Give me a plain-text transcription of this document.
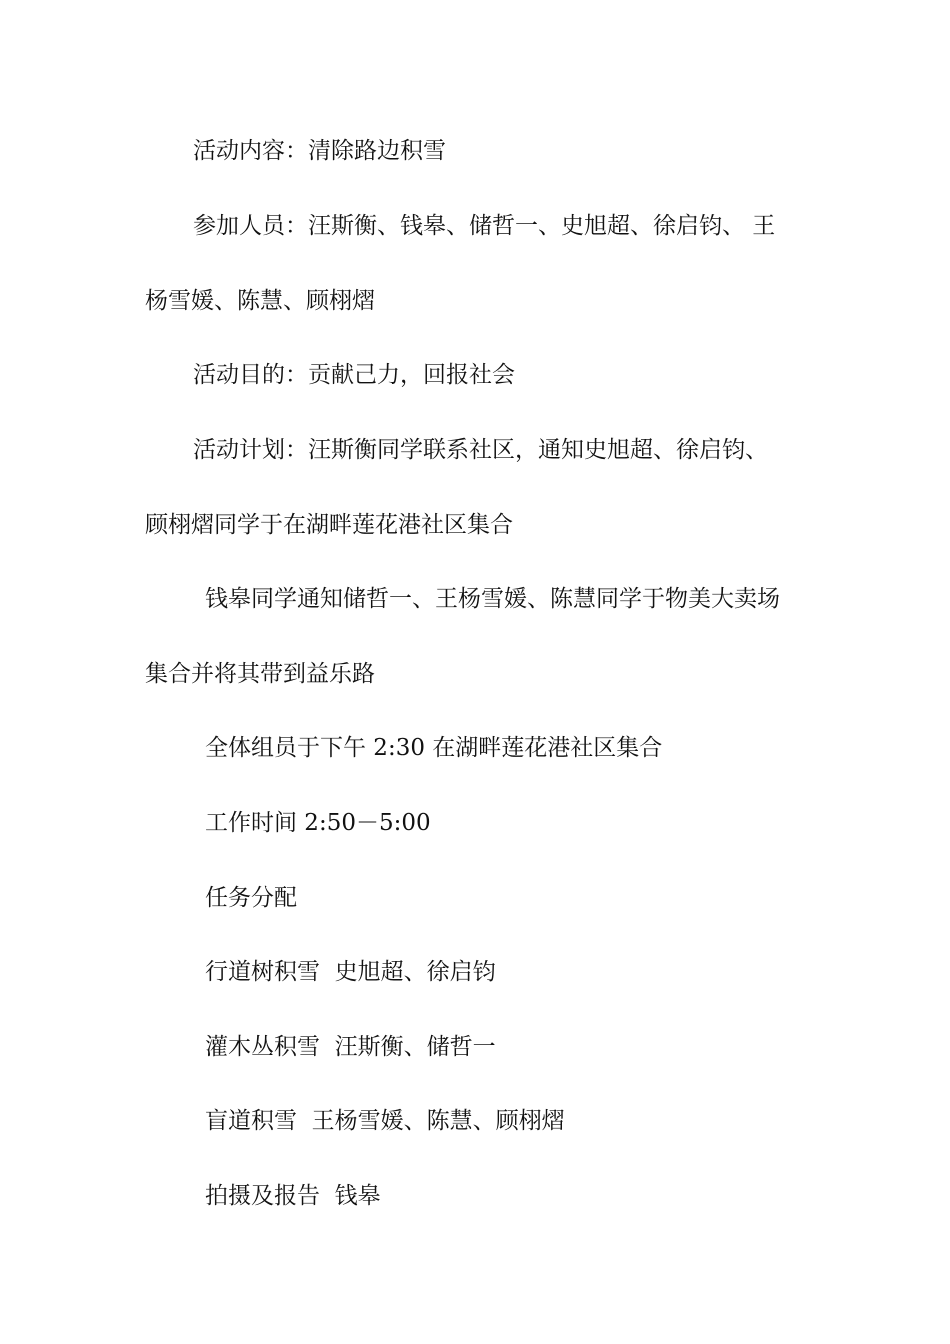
活动内容：清除路边积雪
参加人员：汪斯衡、钱皋、储哲一、史旭超、徐启钧、 王
杨雪媛、陈慧、顾栩熠
活动目的：贡献己力，回报社会
活动计划：汪斯衡同学联系社区，通知史旭超、徐启钧、
顾栩熠同学于在湖畔莲花港社区集合
钱皋同学通知储哲一、王杨雪媛、陈慧同学于物美大卖场
集合并将其带到益乐路
全体组员于下午 2:30 在湖畔莲花港社区集合
工作时间 2:50－5:00
任务分配
行道树积雪  史旭超、徐启钧
灌木丛积雪  汪斯衡、储哲一
盲道积雪  王杨雪媛、陈慧、顾栩熠
拍摄及报告  钱皋
